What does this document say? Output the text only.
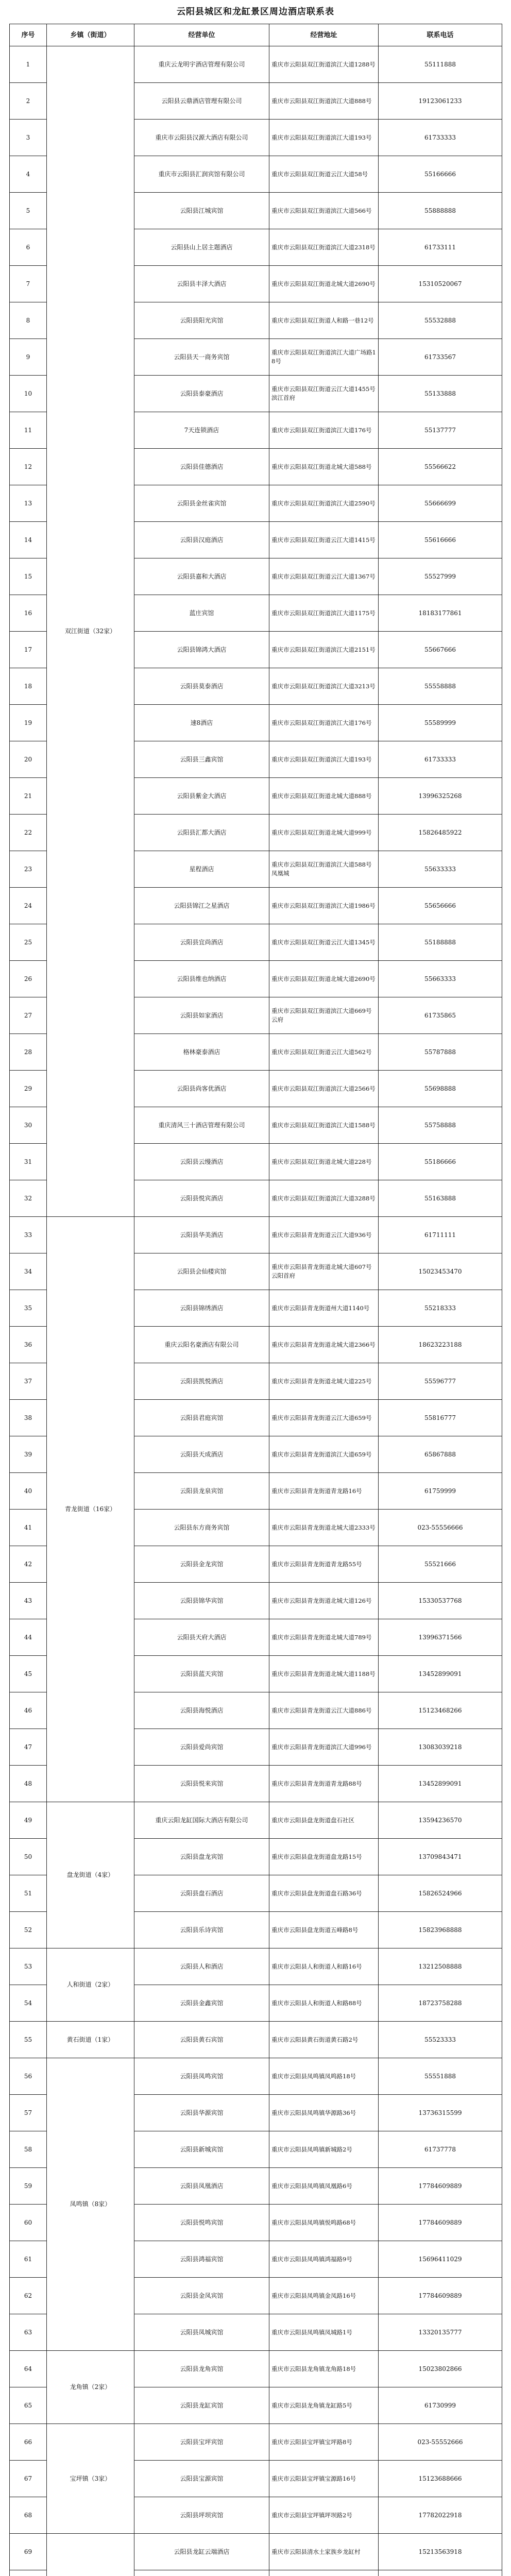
云阳县城区和龙缸景区周边酒店联系表
序号	乡镇（街道）	经营单位	经营地址	联系电话
1	双江街道（32家）	重庆云龙明宇酒店管理有限公司	重庆市云阳县双江街道滨江大道1288号	55111888
2		云阳县云鼎酒店管理有限公司	重庆市云阳县双江街道滨江大道888号	19123061233
3		重庆市云阳县汉源大酒店有限公司	重庆市云阳县双江街道滨江大道193号	61733333
4		重庆市云阳县汇润宾馆有限公司	重庆市云阳县双江街道云江大道58号	55166666
5		云阳县江城宾馆	重庆市云阳县双江街道滨江大道566号	55888888
6		云阳县山上居主题酒店	重庆市云阳县双江街道滨江大道2318号	61733111
7		云阳县丰泽大酒店	重庆市云阳县双江街道北城大道2690号	15310520067
8		云阳县阳光宾馆	重庆市云阳县双江街道人和路一巷12号	55532888
9		云阳县天一商务宾馆	重庆市云阳县双江街道滨江大道广场路18号	61733567
10		云阳县泰豪酒店	重庆市云阳县双江街道云江大道1455号滨江首府	55133888
11		7天连锁酒店	重庆市云阳县双江街道滨江大道176号	55137777
12		云阳县佳德酒店	重庆市云阳县双江街道北城大道588号	55566622
13		云阳县金丝雀宾馆	重庆市云阳县双江街道滨江大道2590号	55666699
14		云阳县汉庭酒店	重庆市云阳县双江街道云江大道1415号	55616666
15		云阳县嘉和大酒店	重庆市云阳县双江街道云江大道1367号	55527999
16		蓝庄宾馆	重庆市云阳县双江街道滨江大道1175号	18183177861
17		云阳县锦鸿大酒店	重庆市云阳县双江街道滨江大道2151号	55667666
18		云阳县莫泰酒店	重庆市云阳县双江街道滨江大道3213号	55558888
19		速8酒店	重庆市云阳县双江街道滨江大道176号	55589999
20		云阳县三鑫宾馆	重庆市云阳县双江街道滨江大道193号	61733333
21		云阳县紫金大酒店	重庆市云阳县双江街道北城大道888号	13996325268
22		云阳县汇都大酒店	重庆市云阳县双江街道北城大道999号	15826485922
23		星程酒店	重庆市云阳县双江街道滨江大道588号凤凰城	55633333
24		云阳县锦江之星酒店	重庆市云阳县双江街道滨江大道1986号	55656666
25		云阳县宜尚酒店	重庆市云阳县双江街道云江大道1345号	55188888
26		云阳县维也纳酒店	重庆市云阳县双江街道北城大道2690号	55663333
27		云阳县如家酒店	重庆市云阳县双江街道滨江大道669号云府	61735865
28		格林豪泰酒店	重庆市云阳县双江街道云江大道562号	55787888
29		云阳县尚客优酒店	重庆市云阳县双江街道滨江大道2566号	55698888
30		重庆清风三十酒店管理有限公司	重庆市云阳县双江街道滨江大道1588号	55758888
31		云阳县云缦酒店	重庆市云阳县双江街道北城大道228号	55186666
32		云阳县悦宾酒店	重庆市云阳县双江街道滨江大道3288号	55163888
33	青龙街道（16家）	云阳县华美酒店	重庆市云阳县青龙街道云江大道936号	61711111
34		云阳县会仙楼宾馆	重庆市云阳县青龙街道北城大道607号云阳首府	15023453470
35		云阳县锦绣酒店	重庆市云阳县青龙街道州大道1140号	55218333
36		重庆云阳名豪酒店有限公司	重庆市云阳县青龙街道北城大道2366号	18623223188
37		云阳县凯悦酒店	重庆市云阳县青龙街道北城大道225号	55596777
38		云阳县君庭宾馆	重庆市云阳县青龙街道云江大道659号	55816777
39		云阳县天成酒店	重庆市云阳县青龙街道滨江大道659号	65867888
40		云阳县龙泉宾馆	重庆市云阳县青龙街道青龙路16号	61759999
41		云阳县东方商务宾馆	重庆市云阳县青龙街道北城大道2333号	023-55556666
42		云阳县金龙宾馆	重庆市云阳县青龙街道青龙路55号	55521666
43		云阳县锦华宾馆	重庆市云阳县青龙街道北城大道126号	15330537768
44		云阳县天府大酒店	重庆市云阳县青龙街道北城大道789号	13996371566
45		云阳县蓝天宾馆	重庆市云阳县青龙街道北城大道1188号	13452899091
46		云阳县海悦酒店	重庆市云阳县青龙街道云江大道886号	15123468266
47		云阳县爱尚宾馆	重庆市云阳县青龙街道滨江大道996号	13083039218
48		云阳县悦来宾馆	重庆市云阳县青龙街道青龙路88号	13452899091
49	盘龙街道（4家）	重庆云阳龙缸国际大酒店有限公司	重庆市云阳县盘龙街道盘石社区	13594236570
50		云阳县盘龙宾馆	重庆市云阳县盘龙街道盘龙路15号	13709843471
51		云阳县盘石酒店	重庆市云阳县盘龙街道盘石路36号	15826524966
52		云阳县乐诗宾馆	重庆市云阳县盘龙街道五峰路8号	15823968888
53	人和街道（2家）	云阳县人和酒店	重庆市云阳县人和街道人和路16号	13212508888
54		云阳县金鑫宾馆	重庆市云阳县人和街道人和路88号	18723758288
55	黄石街道（1家）	云阳县黄石宾馆	重庆市云阳县黄石街道黄石路2号	55523333
56	凤鸣镇（8家）	云阳县凤鸣宾馆	重庆市云阳县凤鸣镇凤鸣路18号	55551888
57		云阳县华源宾馆	重庆市云阳县凤鸣镇华源路36号	13736315599
58		云阳县新城宾馆	重庆市云阳县凤鸣镇新城路2号	61737778
59		云阳县凤凰酒店	重庆市云阳县凤鸣镇凤凰路6号	17784609889
60		云阳县悦鸣宾馆	重庆市云阳县凤鸣镇悦鸣路68号	17784609889
61		云阳县鸿福宾馆	重庆市云阳县凤鸣镇鸿福路9号	15696411029
62		云阳县金凤宾馆	重庆市云阳县凤鸣镇金凤路16号	17784609889
63		云阳县凤城宾馆	重庆市云阳县凤鸣镇凤城路1号	13320135777
64	龙角镇（2家）	云阳县龙角宾馆	重庆市云阳县龙角镇龙角路18号	15023802866
65		云阳县龙缸宾馆	重庆市云阳县龙角镇龙缸路5号	61730999
66	宝坪镇（3家）	云阳县宝坪宾馆	重庆市云阳县宝坪镇宝坪路8号	023-55552666
67		云阳县宝源宾馆	重庆市云阳县宝坪镇宝源路16号	15123688666
68		云阳县坪坝宾馆	重庆市云阳县宝坪镇坪坝路2号	17782022918
69		云阳县龙缸云端酒店	重庆市云阳县清水土家族乡龙缸村	15213563918
